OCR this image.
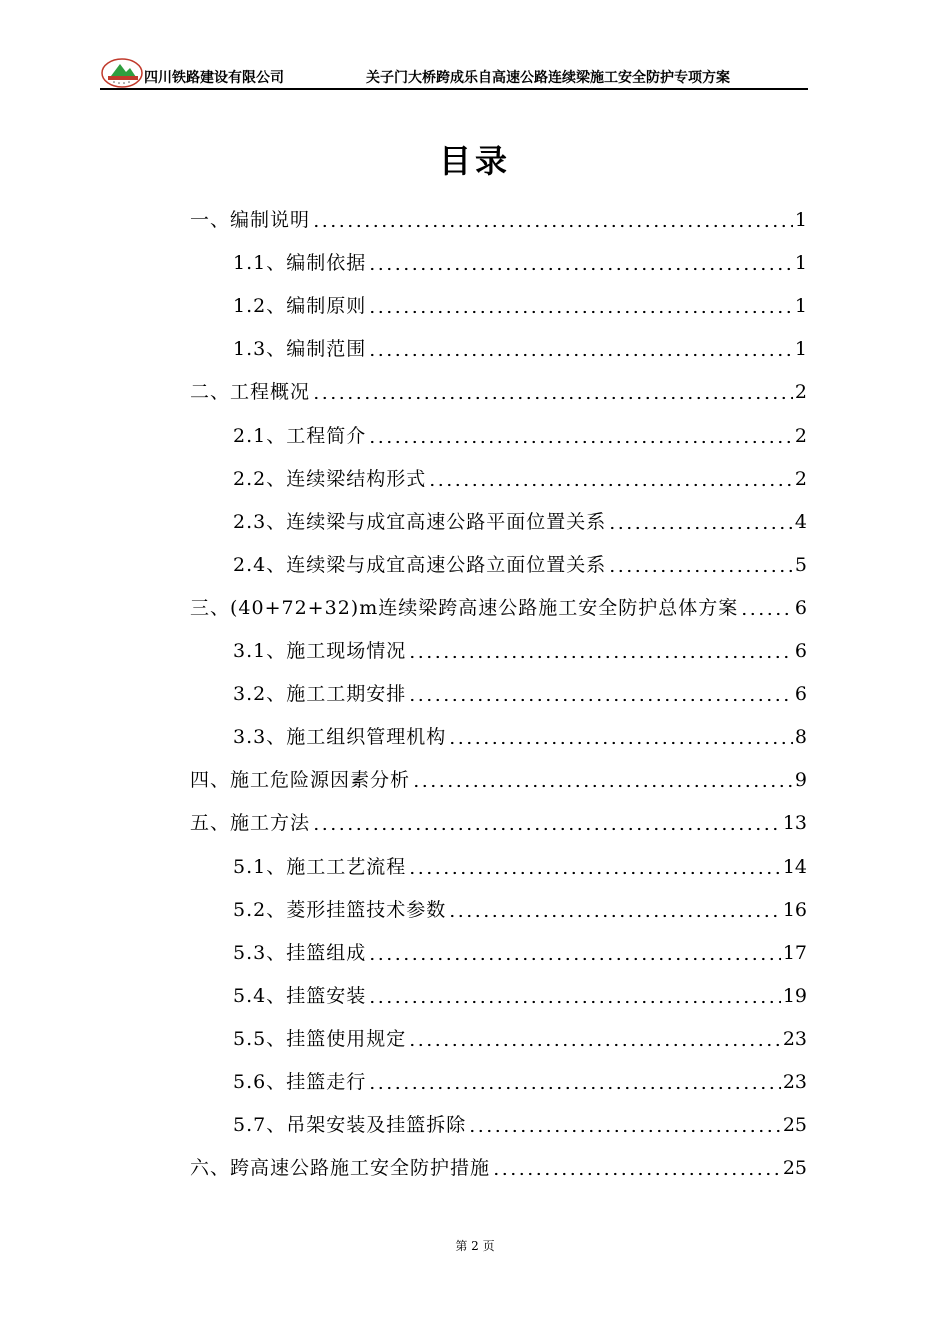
四川铁路建设有限公司	关子门大桥跨成乐自高速公路连续梁施工安全防护专项方案
目录
一、编制说明	1
1.1、编制依据	1
1.2、编制原则	1
1.3、编制范围	1
二、工程概况	2
2.1、工程简介	2
2.2、连续梁结构形式	2
2.3、连续梁与成宜高速公路平面位置关系	4
2.4、连续梁与成宜高速公路立面位置关系	5
三、(40+72+32)m连续梁跨高速公路施工安全防护总体方案	6
3.1、施工现场情况	6
3.2、施工工期安排	6
3.3、施工组织管理机构	8
四、施工危险源因素分析	9
五、施工方法	13
5.1、施工工艺流程	14
5.2、菱形挂篮技术参数	16
5.3、挂篮组成	17
5.4、挂篮安装	19
5.5、挂篮使用规定	23
5.6、挂篮走行	23
5.7、吊架安装及挂篮拆除	25
六、跨高速公路施工安全防护措施	25
第 2 页
